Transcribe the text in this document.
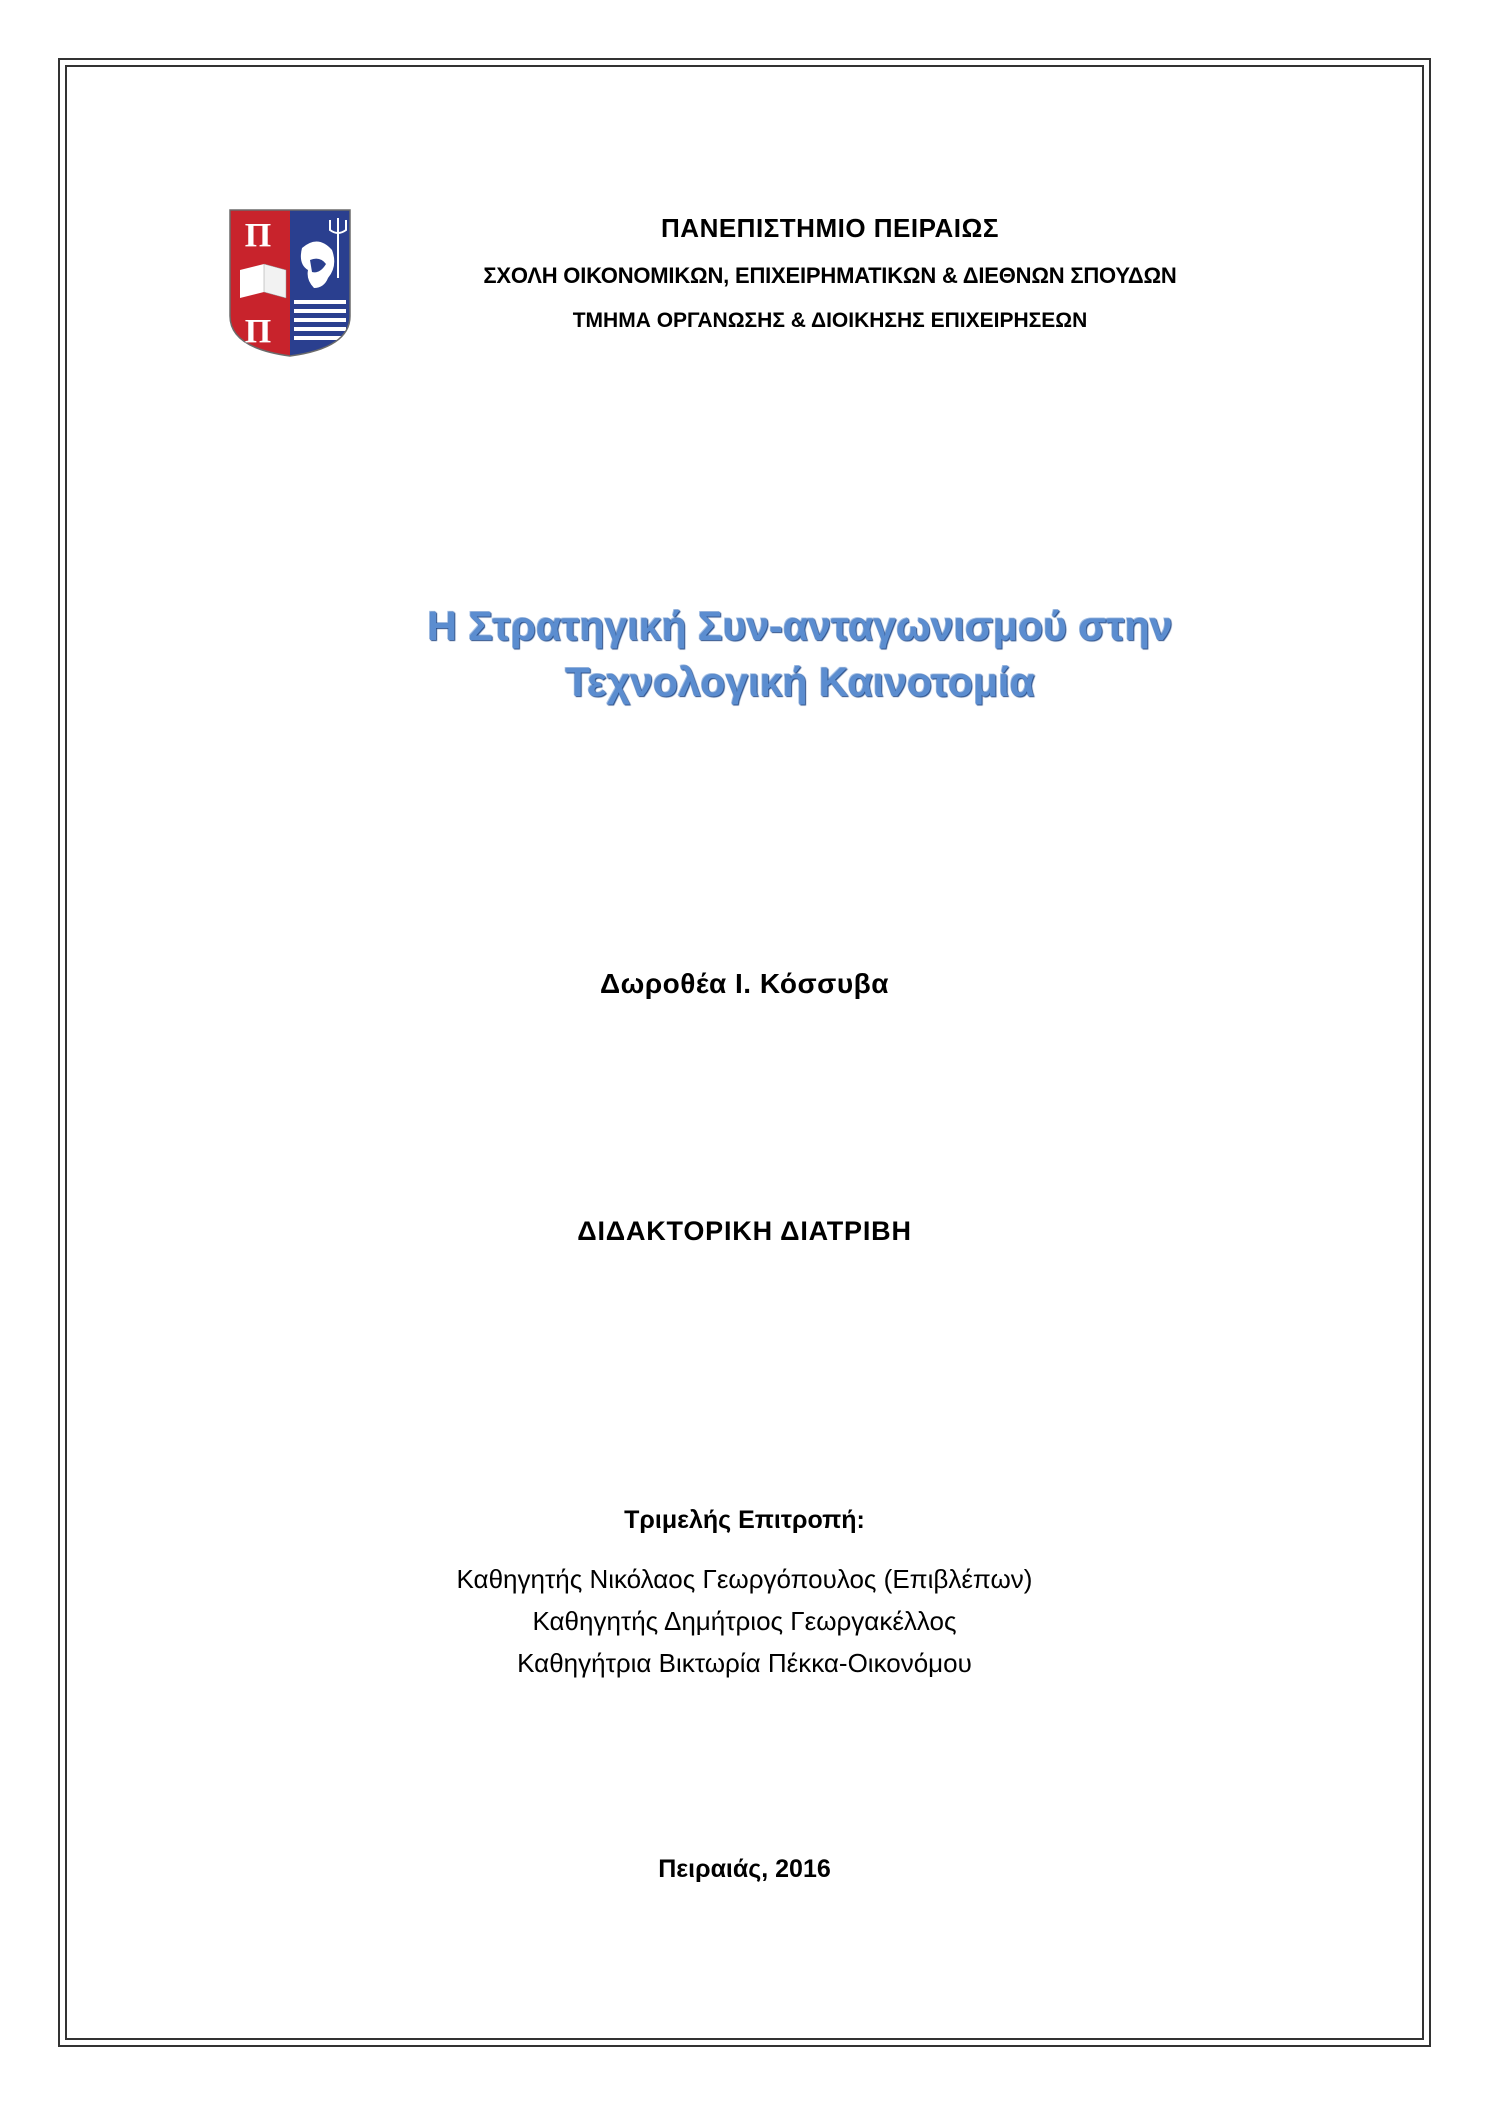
Π
Π
ΠΑΝΕΠΙΣΤΗΜΙΟ ΠΕΙΡΑΙΩΣ
ΣΧΟΛΗ ΟΙΚΟΝΟΜΙΚΩΝ, ΕΠΙΧΕΙΡΗΜΑΤΙΚΩΝ & ΔΙΕΘΝΩΝ ΣΠΟΥΔΩΝ
ΤΜΗΜΑ ΟΡΓΑΝΩΣΗΣ & ΔΙΟΙΚΗΣΗΣ ΕΠΙΧΕΙΡΗΣΕΩΝ
Η Στρατηγική Συν-ανταγωνισμού στην
Τεχνολογική Καινοτομία
Δωροθέα Ι. Κόσσυβα
ΔΙΔΑΚΤΟΡΙΚΗ ΔΙΑΤΡΙΒΗ
Τριμελής Επιτροπή:
Καθηγητής Νικόλαος Γεωργόπουλος (Επιβλέπων)
Καθηγητής Δημήτριος Γεωργακέλλος
Καθηγήτρια Βικτωρία Πέκκα-Οικονόμου
Πειραιάς, 2016
